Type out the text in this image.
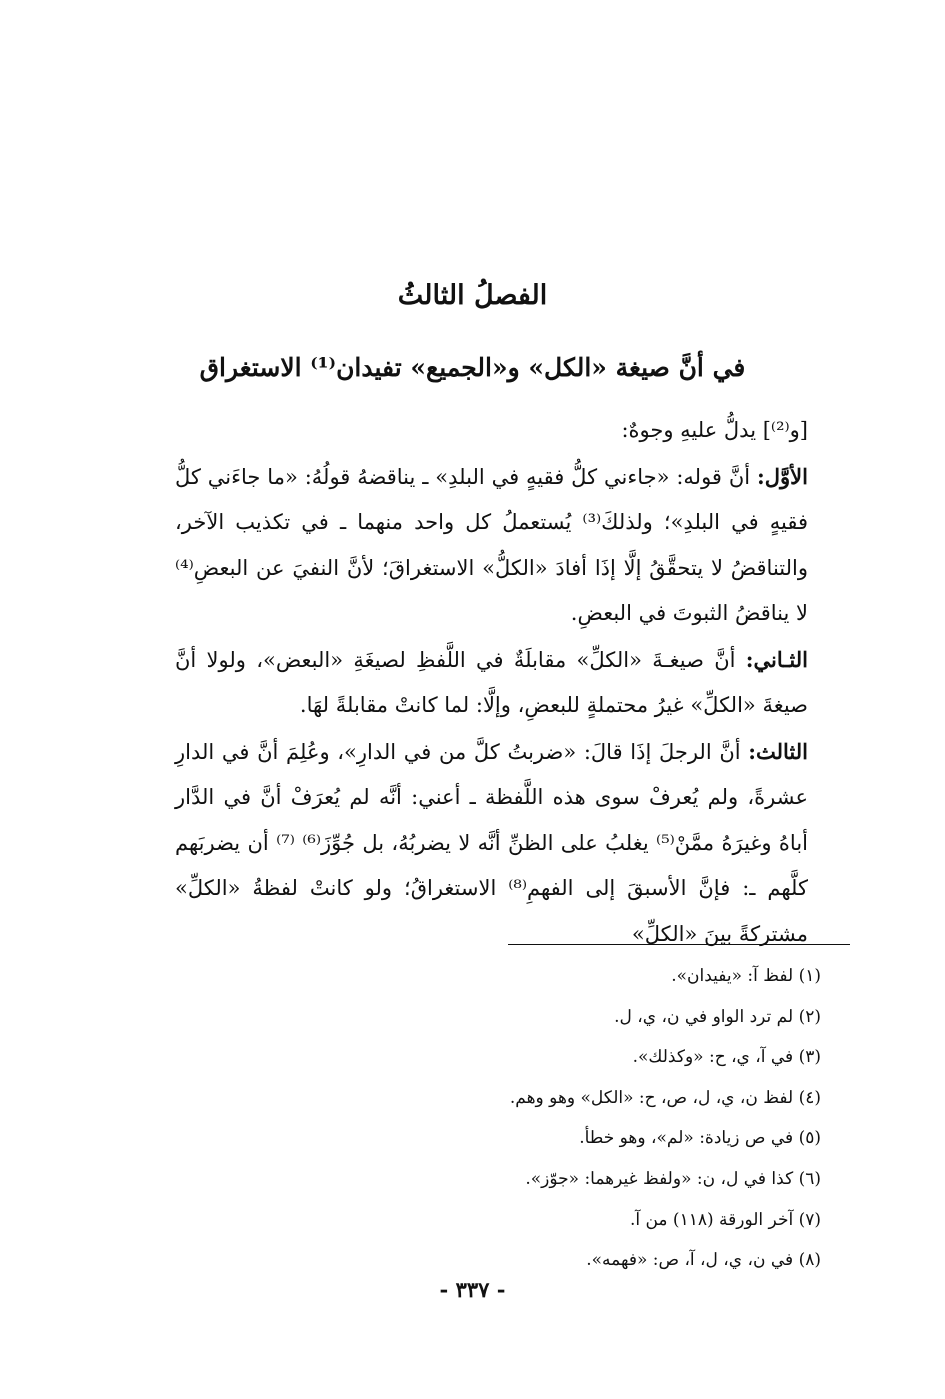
الفصلُ الثالثُ
في أنَّ صيغة «الكل» و«الجميع» تفيدان⁽¹⁾ الاستغراق

[و⁽²⁾] يدلُّ عليهِ وجوهٌ:

الأوَّل: أنَّ قوله: «جاءني كلُّ فقيهٍ في البلدِ» ـ يناقضهُ قولُهُ: «ما جاءَني كلُّ فقيهٍ في البلدِ»؛ ولذلكَ⁽³⁾ يُستعملُ كل واحد منهما ـ في تكذيب الآخر، والتناقضُ لا يتحقَّقُ إلَّا إذَا أفادَ «الكلُّ» الاستغراقَ؛ لأنَّ النفيَ عن البعضِ⁽⁴⁾ لا يناقضُ الثبوتَ في البعضِ.

الثـاني: أنَّ صيغـةَ «الكلِّ» مقابلَةٌ في اللَّفظِ لصيغَةِ «البعض»، ولولا أنَّ صيغةَ «الكلِّ» غيرُ محتملةٍ للبعضِ، وإلَّا: لما كانتْ مقابلةً لهَا.

الثالث: أنَّ الرجلَ إذَا قالَ: «ضربتُ كلَّ من في الدارِ»، وعُلِمَ أنَّ في الدارِ عشرةً، ولم يُعرفْ سوى هذه اللَّفظة ـ أعني: أنَّه لم يُعرَفْ أنَّ في الدَّار أباهُ وغيرَهُ ممَّنْ⁽⁵⁾ يغلبُ على الظنِّ أنَّه لا يضربُهُ، بل جُوِّزَ⁽⁶⁾ ⁽⁷⁾ أن يضربَهم كلَّهم ـ: فإنَّ الأسبقَ إلى الفهمِ⁽⁸⁾ الاستغراقُ؛ ولو كانتْ لفظةُ «الكلِّ» مشتركةً بينَ «الكلِّ»

(١) لفظ آ: «يفيدان».
(٢) لم ترد الواو في ن، ي، ل.
(٣) في آ، ي، ح: «وكذلك».
(٤) لفظ ن، ي، ل، ص، ح: «الكل» وهو وهم.
(٥) في ص زيادة: «لم»، وهو خطأ.
(٦) كذا في ل، ن: «ولفظ غيرهما: «جوّز».
(٧) آخر الورقة (١١٨) من آ.
(٨) في ن، ي، ل، آ، ص: «فهمه».
- ٣٣٧ -
